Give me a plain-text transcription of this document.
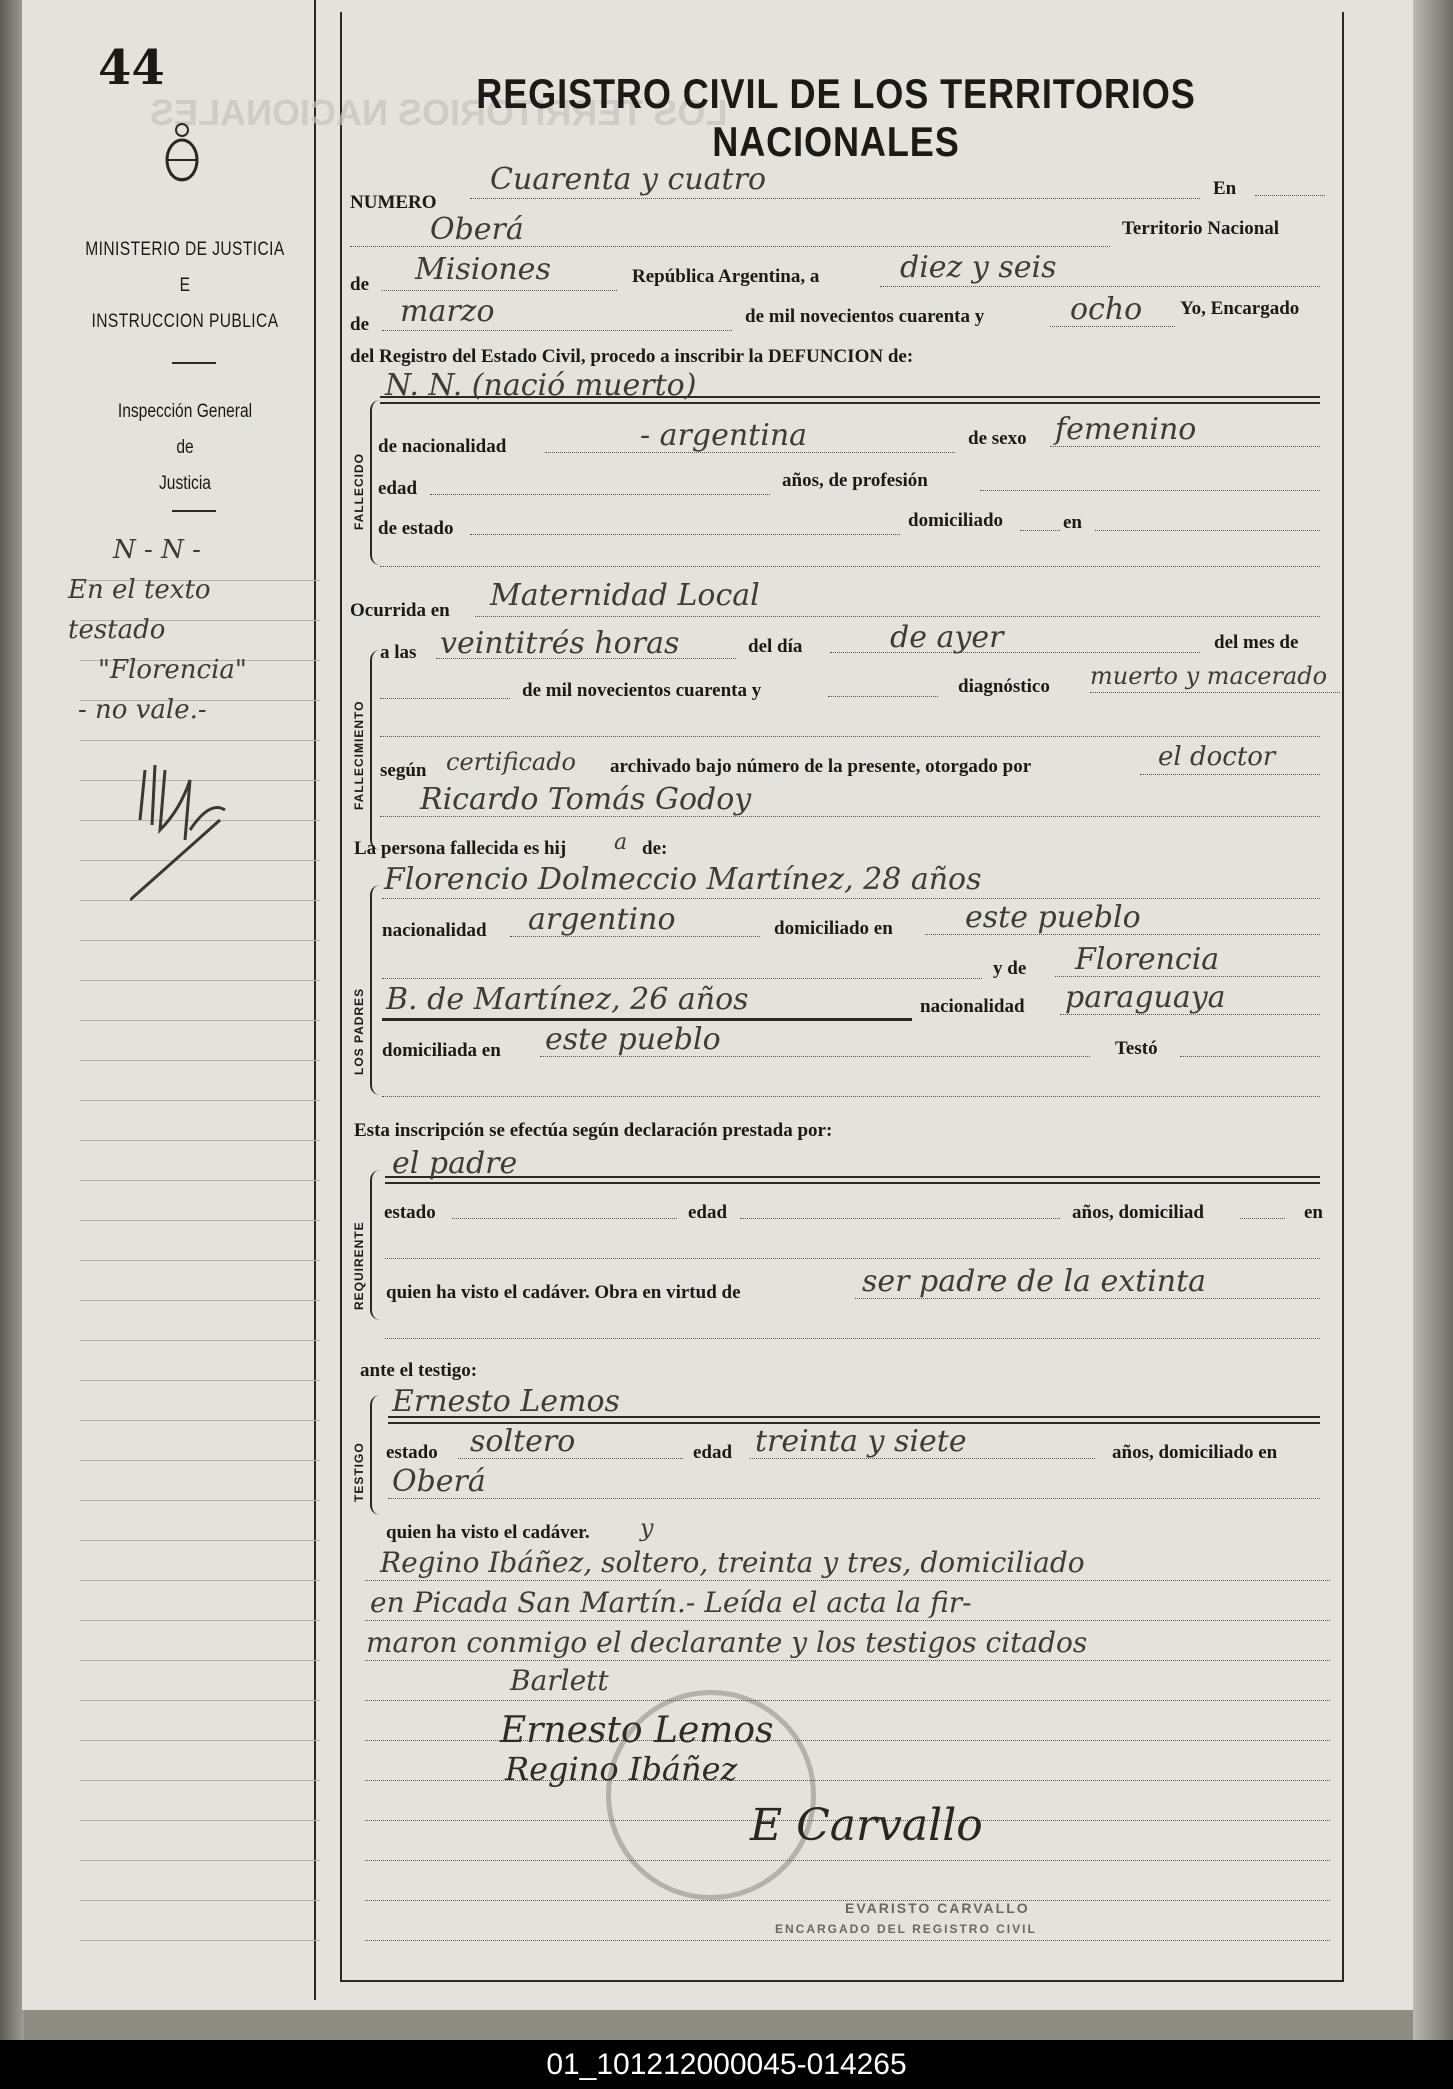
LOS TERRITORIOS NACIONALES
44
MINISTERIO DE JUSTICIA
E
INSTRUCCION PUBLICA
Inspección General
de
Justicia
N - N -
En el texto
testado
"Florencia"
- no vale.-
REGISTRO CIVIL DE LOS TERRITORIOS NACIONALES
FALLECIDO
FALLECIMIENTO
LOS PADRES
REQUIRENTE
TESTIGO
NUMERO
Cuarenta y cuatro	En
Oberá	Territorio Nacional
de Misiones	República Argentina, a	diez y seis
de marzo	de mil novecientos cuarenta y	ocho Yo, Encargado
del Registro del Estado Civil, procedo a inscribir la DEFUNCION de:
N. N. (nació muerto)
de nacionalidad	- argentina	de sexo femenino
edad	años, de profesión
de estado	domiciliado	en
Ocurrida en Maternidad Local
a las veintitrés horas	del día	de ayer	del mes de
de mil novecientos cuarenta y	diagnóstico muerto y macerado
según certificado archivado bajo número de la presente, otorgado por	el doctor
Ricardo Tomás Godoy
La persona fallecida es hij a de:
Florencio Dolmeccio Martínez, 28 años
nacionalidad argentino	domiciliado en este pueblo
y de Florencia
B. de Martínez, 26 años	nacionalidad paraguaya
domiciliada en este pueblo	Testó
Esta inscripción se efectúa según declaración prestada por:
el padre
estado	edad	años, domiciliad	en
quien ha visto el cadáver. Obra en virtud de	ser padre de la extinta
ante el testigo:
Ernesto Lemos
estado soltero	edad treinta y siete	años, domiciliado en
Oberá
quien ha visto el cadáver. y
Regino Ibáñez, soltero, treinta y tres, domiciliado
en Picada San Martín.- Leída el acta la fir-
maron conmigo el declarante y los testigos citados
EVARISTO CARVALLO
ENCARGADO DEL REGISTRO CIVIL
Barlett
Ernesto Lemos
Regino Ibáñez
E Carvallo
01_101212000045-014265
